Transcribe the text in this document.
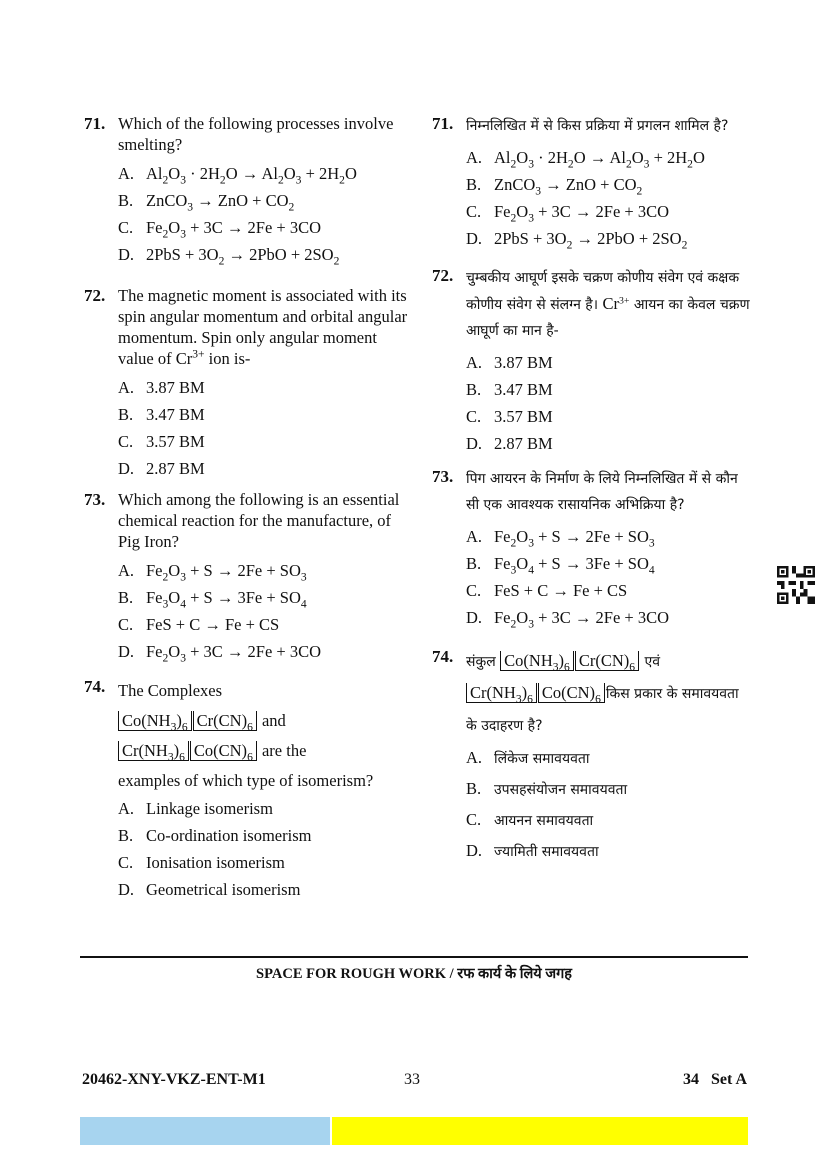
71. Which of the following processes involve smelting?

A. $Al_2O_3 \cdot 2H_2O \to Al_2O_3 + 2H_2O$
B. ZnCO$_3$ → ZnO + $CO_2$
C. $Fe_2O_3 + 3C \to 2Fe + 3CO$
D. $2PbS + 3O_2 \to 2PbO + 2SO_2$
72. The magnetic moment is associated with its spin angular momentum and orbital angular momentum. Spin only angular moment value of $Cr^{3+}$ ion is-

A. 3.87 BM
B. 3.47 BM
C. 3.57 BM
D. 2.87 BM
73. Which among the following is an essential chemical reaction for the manufacture, of Pig Iron?

A. $Fe_2O_3 + S \to 2Fe + SO_3$
B. $Fe_3O_4 + S \to 3Fe + SO_4$
C. FeS + C → Fe + CS
D. $Fe_2O_3 + 3C \to 2Fe + 3CO$
74. The Complexes
$Co(NH_3)_6$ $Cr(CN)_6$ and
$Cr(NH_3)_6$ $Co(CN)_6$ are the
examples of which type of isomerism?

A. Linkage isomerism
B. Co-ordination isomerism
C. Ionisation isomerism
D. Geometrical isomerism
71. निम्नलिखित में से किस प्रक्रिया में प्रगलन शामिल है?

A. $Al_2O_3 \cdot 2H_2O \to Al_2O_3 + 2H_2O$
B. ZnCO$_3$ → ZnO + $CO_2$
C. $Fe_2O_3 + 3C \to 2Fe + 3CO$
D. $2PbS + 3O_2 \to 2PbO + 2SO_2$
72. चुम्बकीय आघूर्ण इसके चक्रण कोणीय संवेग एवं कक्षक कोणीय संवेग से संलग्न है। $Cr^{3+}$ आयन का केवल चक्रण आघूर्ण का मान है-

A. 3.87 BM
B. 3.47 BM
C. 3.57 BM
D. 2.87 BM
73. पिग आयरन के निर्माण के लिये निम्नलिखित में से कौन सी एक आवश्यक रासायनिक अभिक्रिया है?

A. $Fe_2O_3 + S \to 2Fe + SO_3$
B. $Fe_3O_4 + S \to 3Fe + SO_4$
C. FeS + C → Fe + CS
D. $Fe_2O_3 + 3C \to 2Fe + 3CO$
74. संकुल $Co(NH_3)_6$ $Cr(CN)_6$ एवं
$Cr(NH_3)_6$ $Co(CN)_6$ किस प्रकार के समावयवता के उदाहरण है?

A. लिंकेज समावयवता
B. उपसहसंयोजन समावयवता
C. आयनन समावयवता
D. ज्यामिती समावयवता
SPACE FOR ROUGH WORK / रफ कार्य के लिये जगह
20462-XNY-VKZ-ENT-M1	33	34   Set A
